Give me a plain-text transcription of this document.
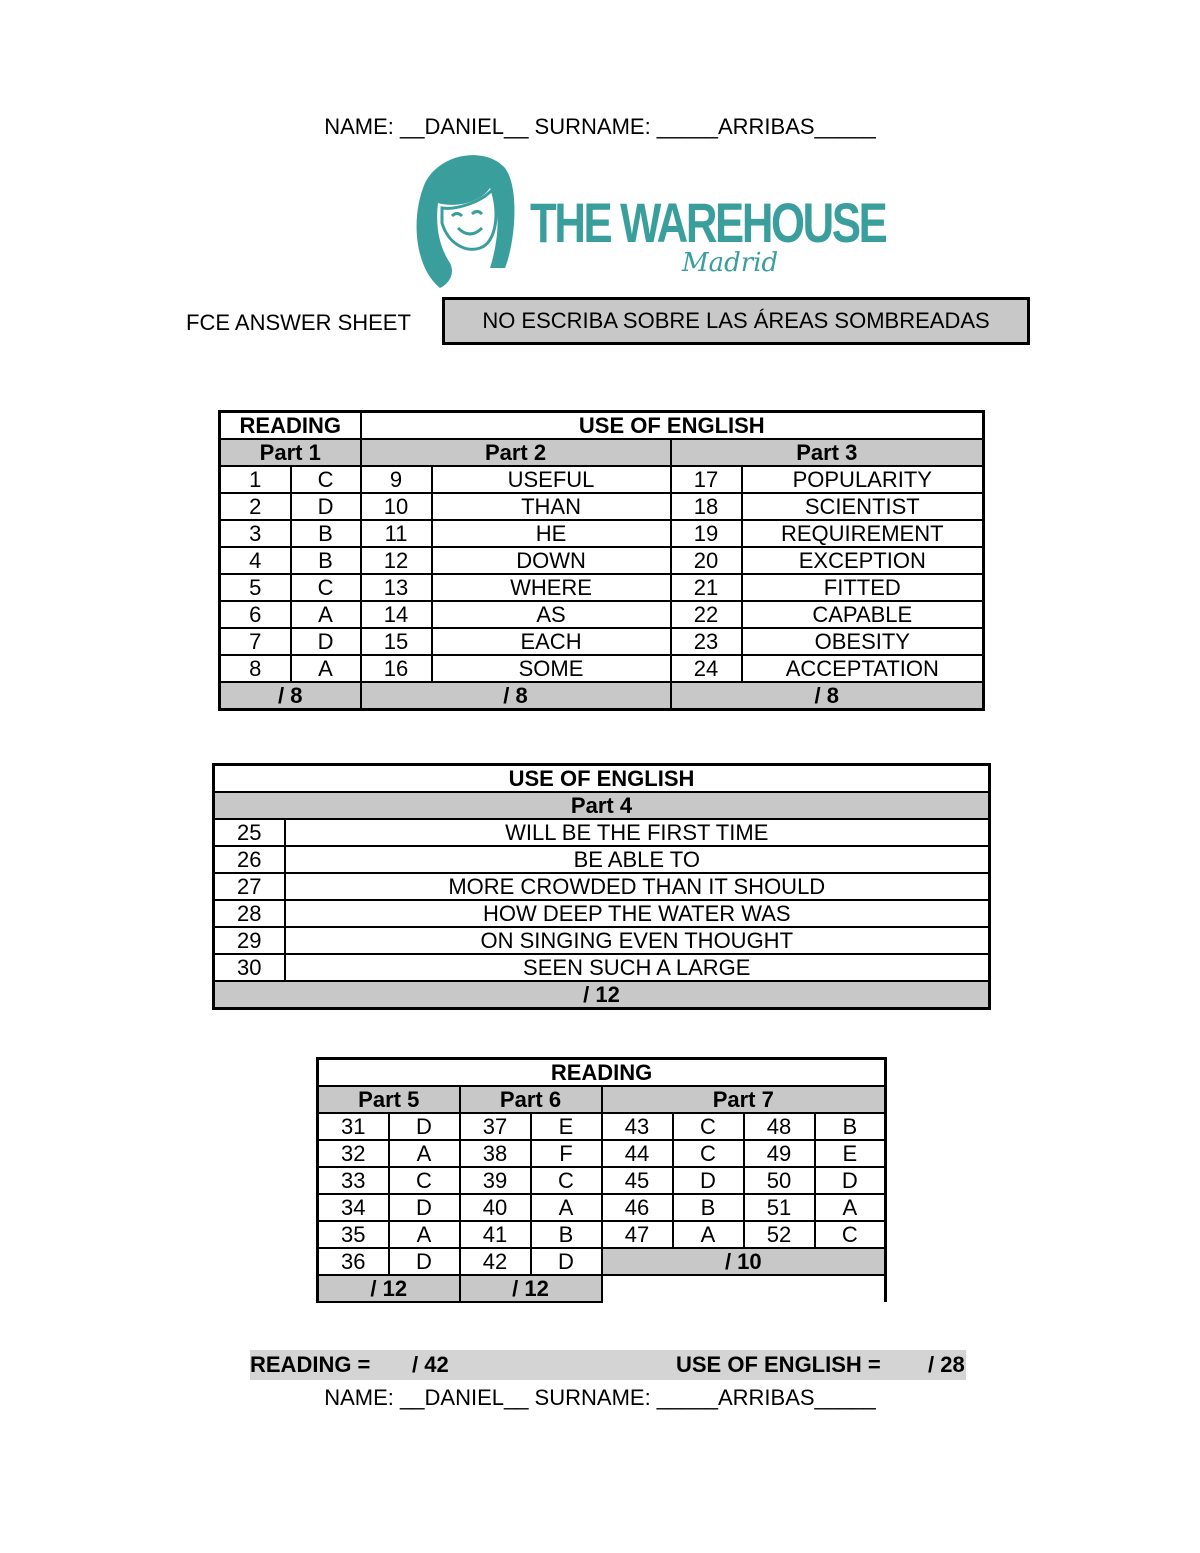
NAME: __DANIEL__ SURNAME: _____ARRIBAS_____
THE WAREHOUSE
Madrid
FCE ANSWER SHEET	NO ESCRIBA SOBRE LAS ÁREAS SOMBREADAS
READING		USE OF ENGLISH			
Part 1		Part 2		Part 3	
1	C	9	USEFUL	17	POPULARITY
2	D	10	THAN	18	SCIENTIST
3	B	11	HE	19	REQUIREMENT
4	B	12	DOWN	20	EXCEPTION
5	C	13	WHERE	21	FITTED
6	A	14	AS	22	CAPABLE
7	D	15	EACH	23	OBESITY
8	A	16	SOME	24	ACCEPTATION
/ 8		/ 8		/ 8	
USE OF ENGLISH	
Part 4	
25	WILL BE THE FIRST TIME
26	BE ABLE TO
27	MORE CROWDED THAN IT SHOULD
28	HOW DEEP THE WATER WAS
29	ON SINGING EVEN THOUGHT
30	SEEN SUCH A LARGE
/ 12	
READING							
Part 5		Part 6		Part 7			
31	D	37	E	43	C	48	B
32	A	38	F	44	C	49	E
33	C	39	C	45	D	50	D
34	D	40	A	46	B	51	A
35	A	41	B	47	A	52	C
36	D	42	D	/ 10			
/ 12		/ 12					
READING = / 42	USE OF ENGLISH = / 28
NAME: __DANIEL__ SURNAME: _____ARRIBAS_____
